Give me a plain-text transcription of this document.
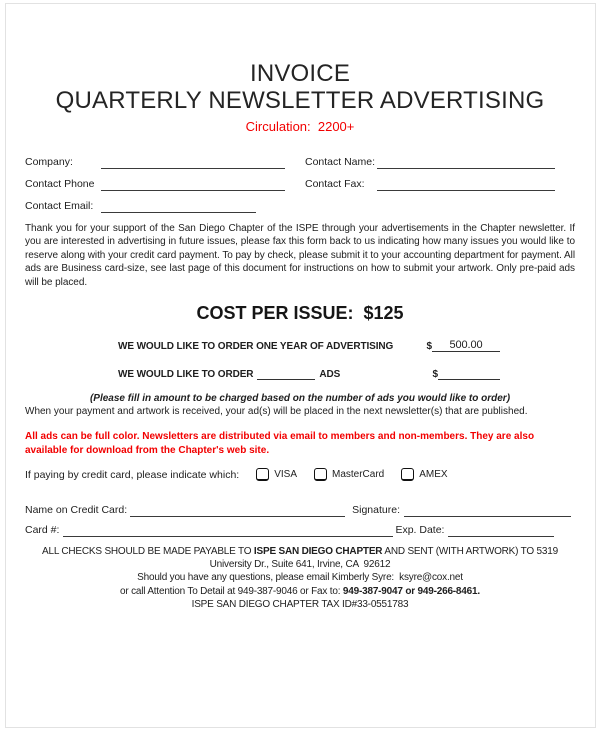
INVOICE
QUARTERLY NEWSLETTER ADVERTISING
Circulation:  2200+
Company:	Contact Name:
Contact Phone	Contact Fax:
Contact Email:
Thank you for your support of the San Diego Chapter of the ISPE through your advertisements in the Chapter newsletter. If you are interested in advertising in future issues, please fax this form back to us indicating how many issues you would like to reserve along with your credit card payment. To pay by check, please submit it to your accounting department for payment. All ads are Business card-size, see last page of this document for instructions on how to submit your artwork. Only pre-paid ads will be placed.
COST PER ISSUE:  $125
WE WOULD LIKE TO ORDER ONE YEAR OF ADVERTISING	$	500.00
WE WOULD LIKE TO ORDER	ADS	$
(Please fill in amount to be charged based on the number of ads you would like to order)
When your payment and artwork is received, your ad(s) will be placed in the next newsletter(s) that are published.
All ads can be full color. Newsletters are distributed via email to members and non-members. They are also available for download from the Chapter's web site.
If paying by credit card, please indicate which:	VISA	MasterCard	AMEX
Name on Credit Card:	Signature:
Card #:	Exp. Date:
ALL CHECKS SHOULD BE MADE PAYABLE TO ISPE SAN DIEGO CHAPTER AND SENT (WITH ARTWORK) TO 5319
University Dr., Suite 641, Irvine, CA  92612
Should you have any questions, please email Kimberly Syre:  ksyre@cox.net
or call Attention To Detail at 949-387-9046 or Fax to: 949-387-9047 or 949-266-8461.
ISPE SAN DIEGO CHAPTER TAX ID#33-0551783
